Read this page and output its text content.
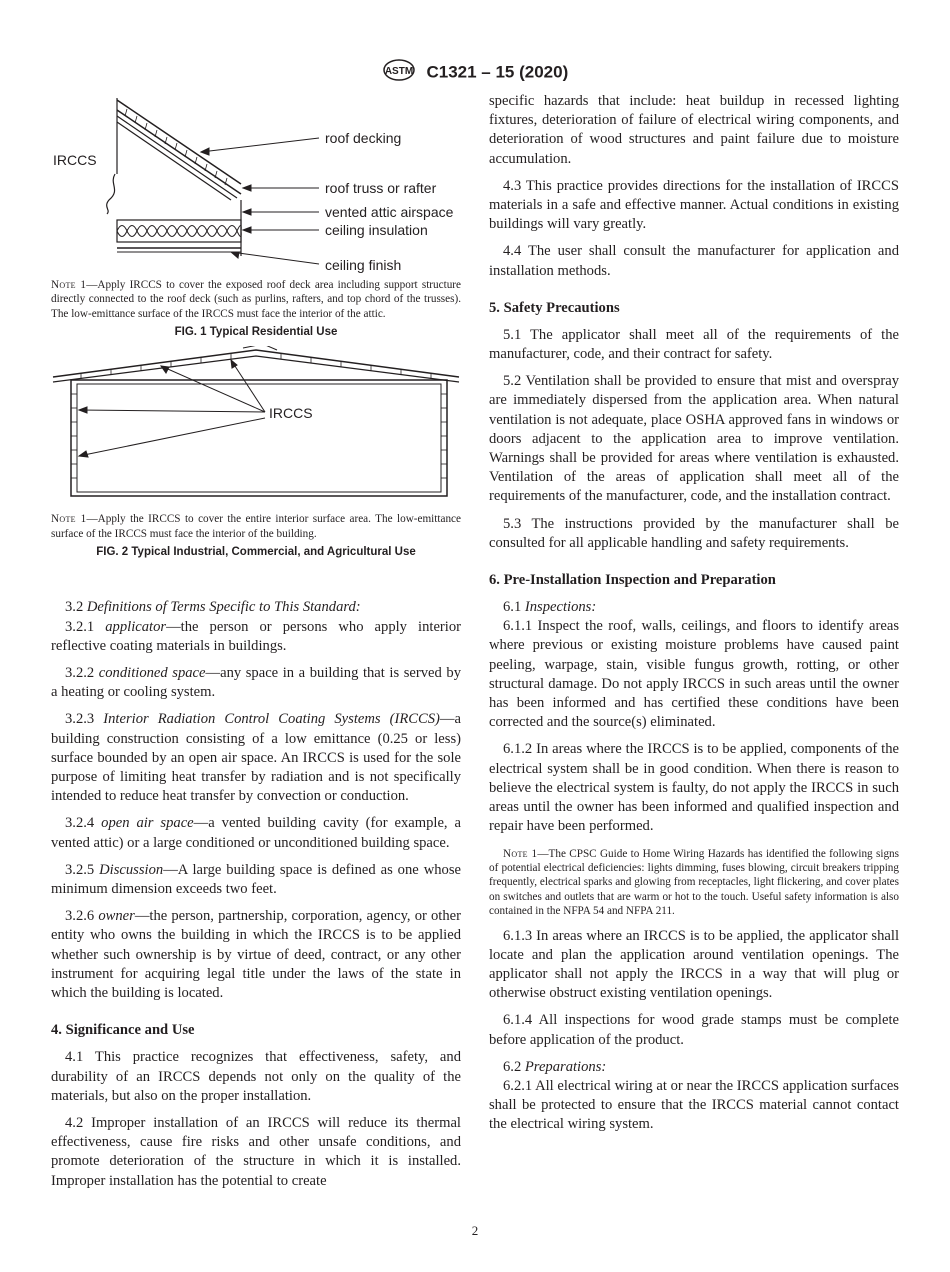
ASTM C1321 – 15 (2020)
IRCCS
roof decking
roof truss or rafter
vented attic airspace
ceiling insulation
ceiling finish

Note 1—Apply IRCCS to cover the exposed roof deck area including support structure directly connected to the roof deck (such as purlins, rafters, and top chord of the trusses). The low-emittance surface of the IRCCS must face the interior of the attic.

FIG. 1 Typical Residential Use

IRCCS

Note 1—Apply the IRCCS to cover the entire interior surface area. The low-emittance surface of the IRCCS must face the interior of the building.

FIG. 2 Typical Industrial, Commercial, and Agricultural Use

3.2 Definitions of Terms Specific to This Standard:

3.2.1 applicator—the person or persons who apply interior reflective coating materials in buildings.

3.2.2 conditioned space—any space in a building that is served by a heating or cooling system.

3.2.3 Interior Radiation Control Coating Systems (IRCCS)—a building construction consisting of a low emittance (0.25 or less) surface bounded by an open air space. An IRCCS is used for the sole purpose of limiting heat transfer by radiation and is not specifically intended to reduce heat transfer by convection or conduction.

3.2.4 open air space—a vented building cavity (for example, a vented attic) or a large conditioned or unconditioned building space.

3.2.5 Discussion—A large building space is defined as one whose minimum dimension exceeds two feet.

3.2.6 owner—the person, partnership, corporation, agency, or other entity who owns the building in which the IRCCS is to be applied whether such ownership is by virtue of deed, contract, or any other instrument for acquiring legal title under the laws of the state in which the building is located.

4. Significance and Use

4.1 This practice recognizes that effectiveness, safety, and durability of an IRCCS depends not only on the quality of the materials, but also on the proper installation.

4.2 Improper installation of an IRCCS will reduce its thermal effectiveness, cause fire risks and other unsafe conditions, and promote deterioration of the structure in which it is installed. Improper installation has the potential to create

specific hazards that include: heat buildup in recessed lighting fixtures, deterioration of failure of electrical wiring components, and deterioration of wood structures and paint failure due to moisture accumulation.

4.3 This practice provides directions for the installation of IRCCS materials in a safe and effective manner. Actual conditions in existing buildings will vary greatly.

4.4 The user shall consult the manufacturer for application and installation methods.

5. Safety Precautions

5.1 The applicator shall meet all of the requirements of the manufacturer, code, and their contract for safety.

5.2 Ventilation shall be provided to ensure that mist and overspray are immediately dispersed from the application area. When natural ventilation is not adequate, place OSHA approved fans in windows or doors adjacent to the application area to improve ventilation. Warnings shall be provided for areas where ventilation is exhausted. Ventilation of the areas of application shall meet all of the requirements of the manufacturer, code, and the installation contract.

5.3 The instructions provided by the manufacturer shall be consulted for all applicable handling and safety requirements.

6. Pre-Installation Inspection and Preparation

6.1 Inspections:

6.1.1 Inspect the roof, walls, ceilings, and floors to identify areas where previous or existing moisture problems have caused paint peeling, warpage, stain, visible fungus growth, rotting, or other structural damage. Do not apply IRCCS in such areas until the owner has been informed and has certified these conditions have been corrected and the source(s) eliminated.

6.1.2 In areas where the IRCCS is to be applied, components of the electrical system shall be in good condition. When there is reason to believe the electrical system is faulty, do not apply the IRCCS in such areas until the owner has been informed and qualified inspection and repair have been performed.

Note 1—The CPSC Guide to Home Wiring Hazards has identified the following signs of potential electrical deficiencies: lights dimming, fuses blowing, circuit breakers tripping frequently, electrical sparks and glowing from receptacles, light flickering, and cover plates on switches and outlets that are warm or hot to the touch. Useful safety information is also contained in the NFPA 54 and NFPA 211.

6.1.3 In areas where an IRCCS is to be applied, the applicator shall locate and plan the application around ventilation openings. The applicator shall not apply the IRCCS in a way that will plug or otherwise obstruct existing ventilation openings.

6.1.4 All inspections for wood grade stamps must be complete before application of the product.

6.2 Preparations:

6.2.1 All electrical wiring at or near the IRCCS application surfaces shall be protected to ensure that the IRCCS material cannot contact the electrical wiring system.

2
